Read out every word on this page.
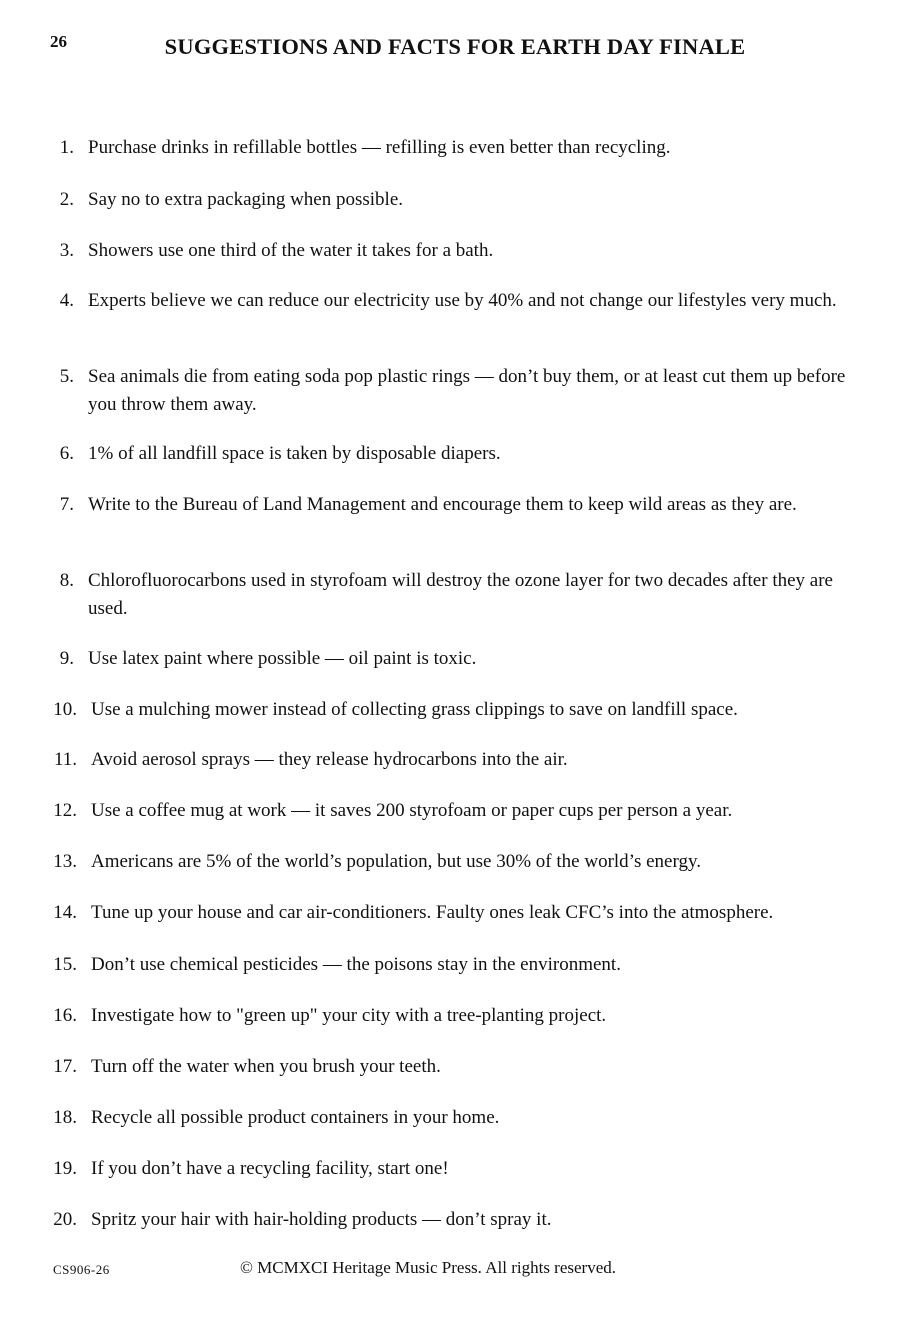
26	SUGGESTIONS AND FACTS FOR EARTH DAY FINALE
1. Purchase drinks in refillable bottles — refilling is even better than recycling.
2. Say no to extra packaging when possible.
3. Showers use one third of the water it takes for a bath.
4. Experts believe we can reduce our electricity use by 40% and not change our lifestyles very much.
5. Sea animals die from eating soda pop plastic rings — don’t buy them, or at least cut them up before you throw them away.
6. 1% of all landfill space is taken by disposable diapers.
7. Write to the Bureau of Land Management and encourage them to keep wild areas as they are.
8. Chlorofluorocarbons used in styrofoam will destroy the ozone layer for two decades after they are used.
9. Use latex paint where possible — oil paint is toxic.
10. Use a mulching mower instead of collecting grass clippings to save on landfill space.
11. Avoid aerosol sprays — they release hydrocarbons into the air.
12. Use a coffee mug at work — it saves 200 styrofoam or paper cups per person a year.
13. Americans are 5% of the world’s population, but use 30% of the world’s energy.
14. Tune up your house and car air-conditioners. Faulty ones leak CFC’s into the atmosphere.
15. Don’t use chemical pesticides — the poisons stay in the environment.
16. Investigate how to "green up" your city with a tree-planting project.
17. Turn off the water when you brush your teeth.
18. Recycle all possible product containers in your home.
19. If you don’t have a recycling facility, start one!
20. Spritz your hair with hair-holding products — don’t spray it.
CS906-26	© MCMXCI Heritage Music Press. All rights reserved.
